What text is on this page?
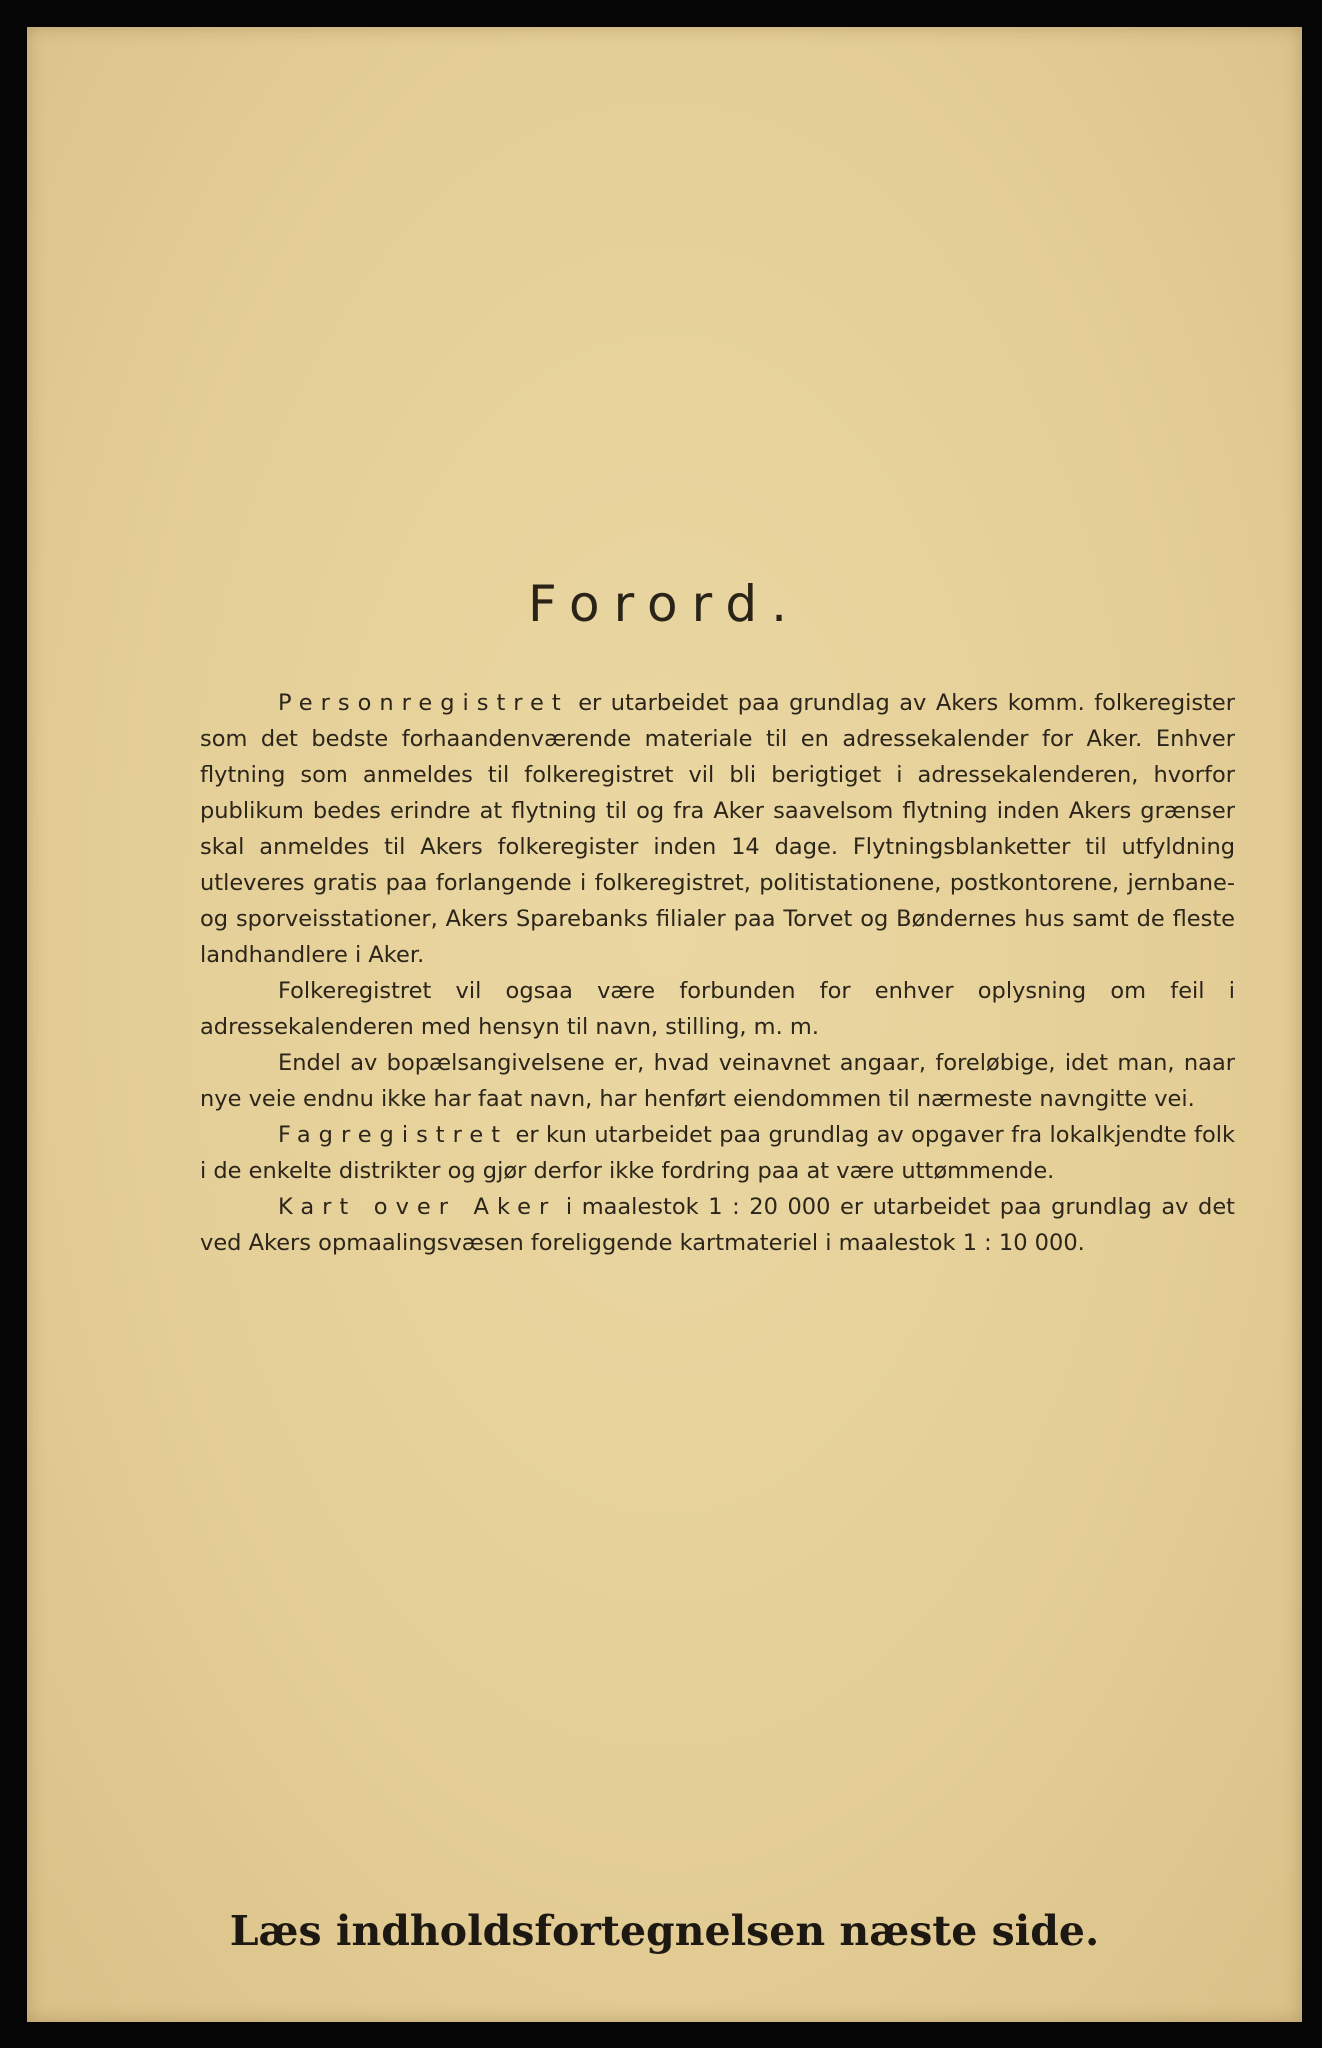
Forord.

Personregistret er utarbeidet paa grundlag av Akers komm. folkeregister som det bedste forhaandenværende materiale til en adressekalender for Aker. Enhver flytning som anmeldes til folkeregistret vil bli berigtiget i adressekalenderen, hvorfor publikum bedes erindre at flytning til og fra Aker saavelsom flytning inden Akers grænser skal anmeldes til Akers folkeregister inden 14 dage. Flytningsblanketter til utfyldning utleveres gratis paa forlangende i folkeregistret, politistationene, postkontorene, jernbane- og sporveisstationer, Akers Sparebanks filialer paa Torvet og Bøndernes hus samt de fleste landhandlere i Aker.

Folkeregistret vil ogsaa være forbunden for enhver oplysning om feil i adressekalenderen med hensyn til navn, stilling, m. m.

Endel av bopælsangivelsene er, hvad veinavnet angaar, foreløbige, idet man, naar nye veie endnu ikke har faat navn, har henført eiendommen til nærmeste navngitte vei.

Fagregistret er kun utarbeidet paa grundlag av opgaver fra lokalkjendte folk i de enkelte distrikter og gjør derfor ikke fordring paa at være uttømmende.

Kart over Aker i maalestok 1 : 20 000 er utarbeidet paa grundlag av det ved Akers opmaalingsvæsen foreliggende kartmateriel i maalestok 1 : 10 000.

Læs indholdsfortegnelsen næste side.
